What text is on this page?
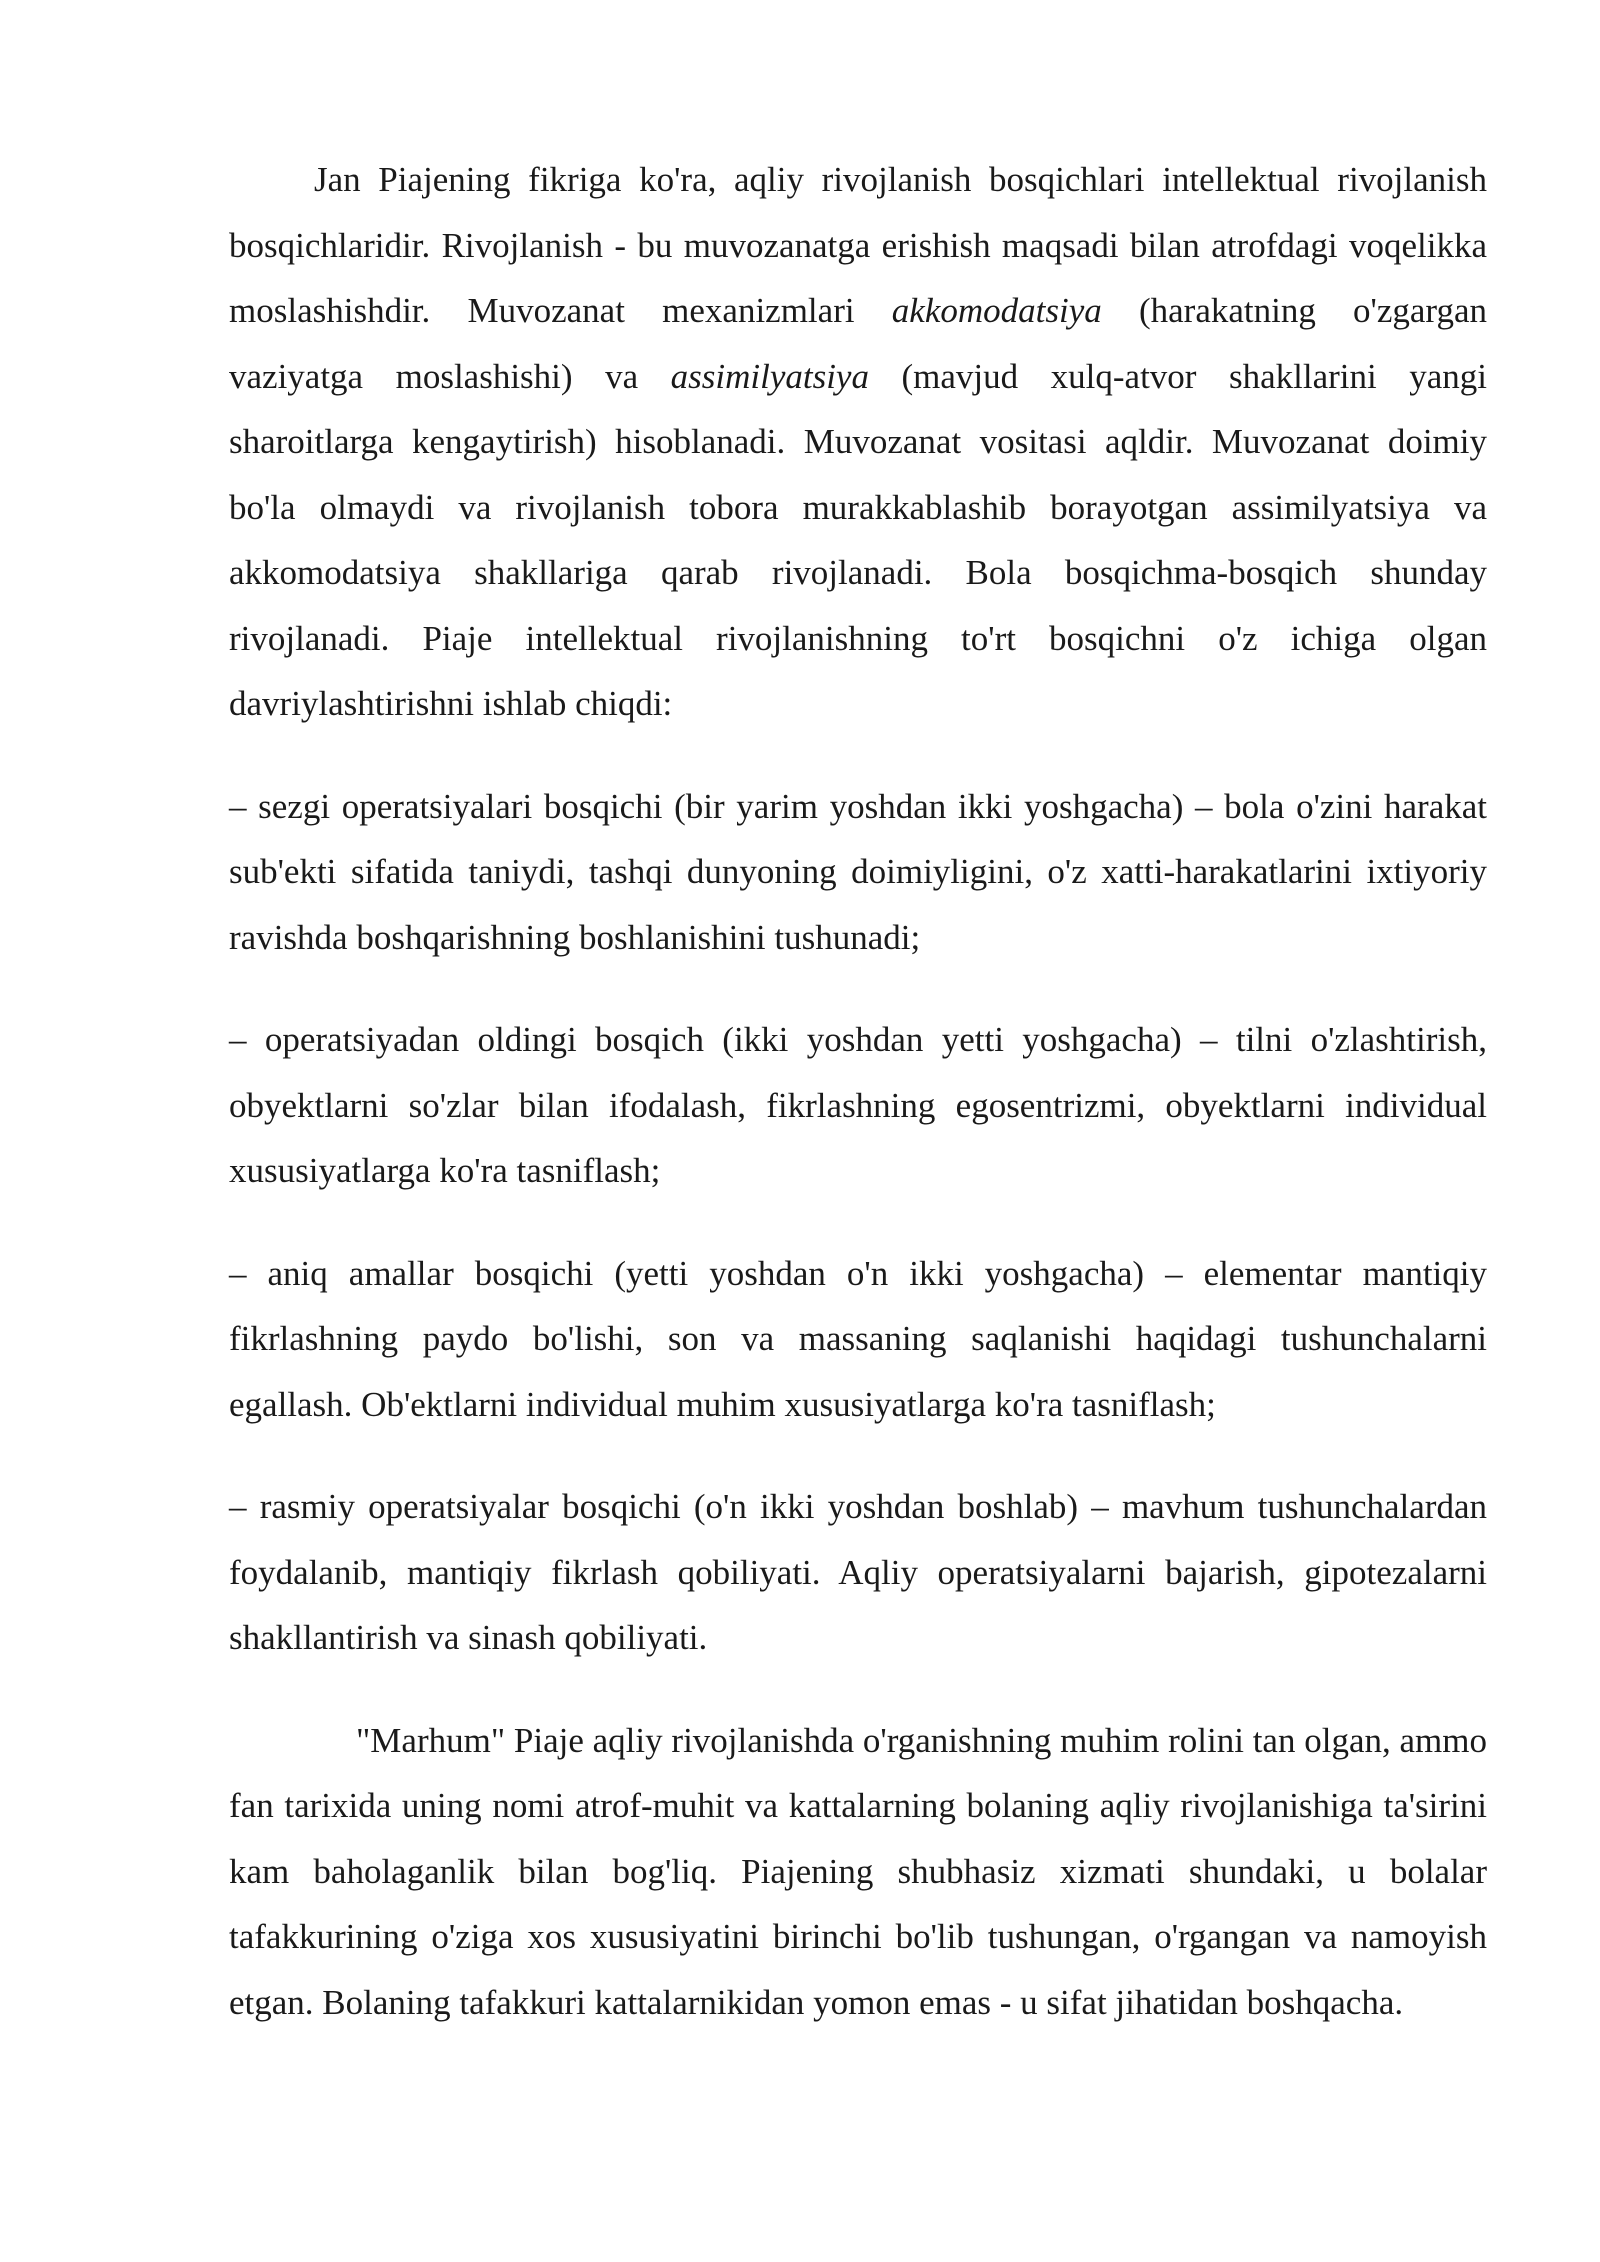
Jan Piajening fikriga ko'ra, aqliy rivojlanish bosqichlari intellektual rivojlanish bosqichlaridir. Rivojlanish - bu muvozanatga erishish maqsadi bilan atrofdagi voqelikka moslashishdir. Muvozanat mexanizmlari akkomodatsiya (harakatning o'zgargan vaziyatga moslashishi) va assimilyatsiya (mavjud xulq-atvor shakllarini yangi sharoitlarga kengaytirish) hisoblanadi. Muvozanat vositasi aqldir. Muvozanat doimiy bo'la olmaydi va rivojlanish tobora murakkablashib borayotgan assimilyatsiya va akkomodatsiya shakllariga qarab rivojlanadi. Bola bosqichma-bosqich shunday rivojlanadi. Piaje intellektual rivojlanishning to'rt bosqichni o'z ichiga olgan davriylashtirishni ishlab chiqdi:

– sezgi operatsiyalari bosqichi (bir yarim yoshdan ikki yoshgacha) – bola o'zini harakat sub'ekti sifatida taniydi, tashqi dunyoning doimiyligini, o'z xatti-harakatlarini ixtiyoriy ravishda boshqarishning boshlanishini tushunadi;

– operatsiyadan oldingi bosqich (ikki yoshdan yetti yoshgacha) – tilni o'zlashtirish, obyektlarni so'zlar bilan ifodalash, fikrlashning egosentrizmi, obyektlarni individual xususiyatlarga ko'ra tasniflash;

– aniq amallar bosqichi (yetti yoshdan o'n ikki yoshgacha) – elementar mantiqiy fikrlashning paydo bo'lishi, son va massaning saqlanishi haqidagi tushunchalarni egallash. Ob'ektlarni individual muhim xususiyatlarga ko'ra tasniflash;

– rasmiy operatsiyalar bosqichi (o'n ikki yoshdan boshlab) – mavhum tushunchalardan foydalanib, mantiqiy fikrlash qobiliyati. Aqliy operatsiyalarni bajarish, gipotezalarni shakllantirish va sinash qobiliyati.

"Marhum" Piaje aqliy rivojlanishda o'rganishning muhim rolini tan olgan, ammo fan tarixida uning nomi atrof-muhit va kattalarning bolaning aqliy rivojlanishiga ta'sirini kam baholaganlik bilan bog'liq. Piajening shubhasiz xizmati shundaki, u bolalar tafakkurining o'ziga xos xususiyatini birinchi bo'lib tushungan, o'rgangan va namoyish etgan. Bolaning tafakkuri kattalarnikidan yomon emas - u sifat jihatidan boshqacha.
